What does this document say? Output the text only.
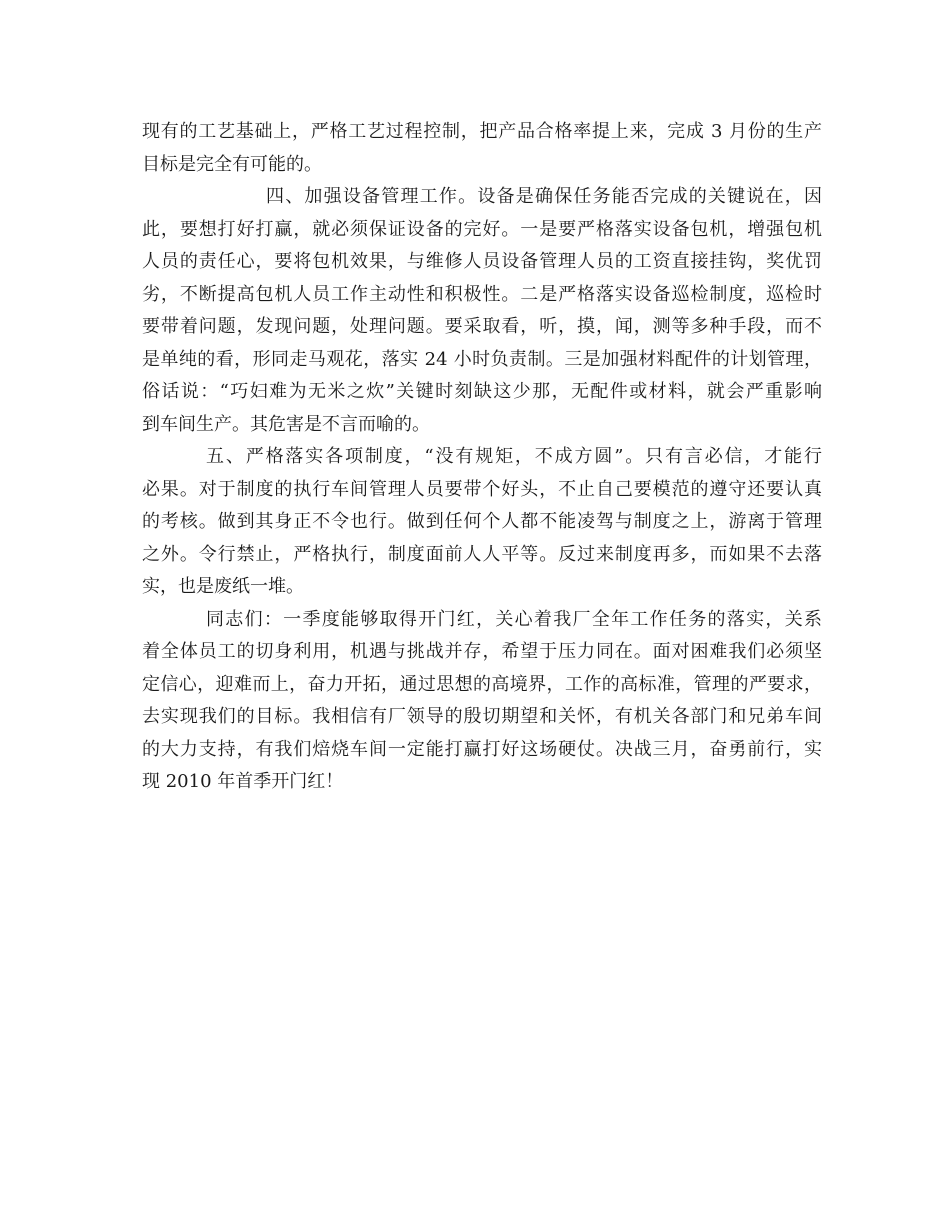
现有的工艺基础上，严格工艺过程控制，把产品合格率提上来，完成 3 月份的生产
目标是完全有可能的。
四、加强设备管理工作。设备是确保任务能否完成的关键说在，因
此，要想打好打赢，就必须保证设备的完好。一是要严格落实设备包机，增强包机
人员的责任心，要将包机效果，与维修人员设备管理人员的工资直接挂钩，奖优罚
劣，不断提高包机人员工作主动性和积极性。二是严格落实设备巡检制度，巡检时
要带着问题，发现问题，处理问题。要采取看，听，摸，闻，测等多种手段，而不
是单纯的看，形同走马观花，落实 24 小时负责制。三是加强材料配件的计划管理，
俗话说：“巧妇难为无米之炊”关键时刻缺这少那，无配件或材料，就会严重影响
到车间生产。其危害是不言而喻的。
五、严格落实各项制度，“没有规矩，不成方圆”。只有言必信，才能行
必果。对于制度的执行车间管理人员要带个好头，不止自己要模范的遵守还要认真
的考核。做到其身正不令也行。做到任何个人都不能凌驾与制度之上，游离于管理
之外。令行禁止，严格执行，制度面前人人平等。反过来制度再多，而如果不去落
实，也是废纸一堆。
同志们：一季度能够取得开门红，关心着我厂全年工作任务的落实，关系
着全体员工的切身利用，机遇与挑战并存，希望于压力同在。面对困难我们必须坚
定信心，迎难而上，奋力开拓，通过思想的高境界，工作的高标准，管理的严要求，
去实现我们的目标。我相信有厂领导的殷切期望和关怀，有机关各部门和兄弟车间
的大力支持，有我们焙烧车间一定能打赢打好这场硬仗。决战三月，奋勇前行，实
现 2010 年首季开门红！
